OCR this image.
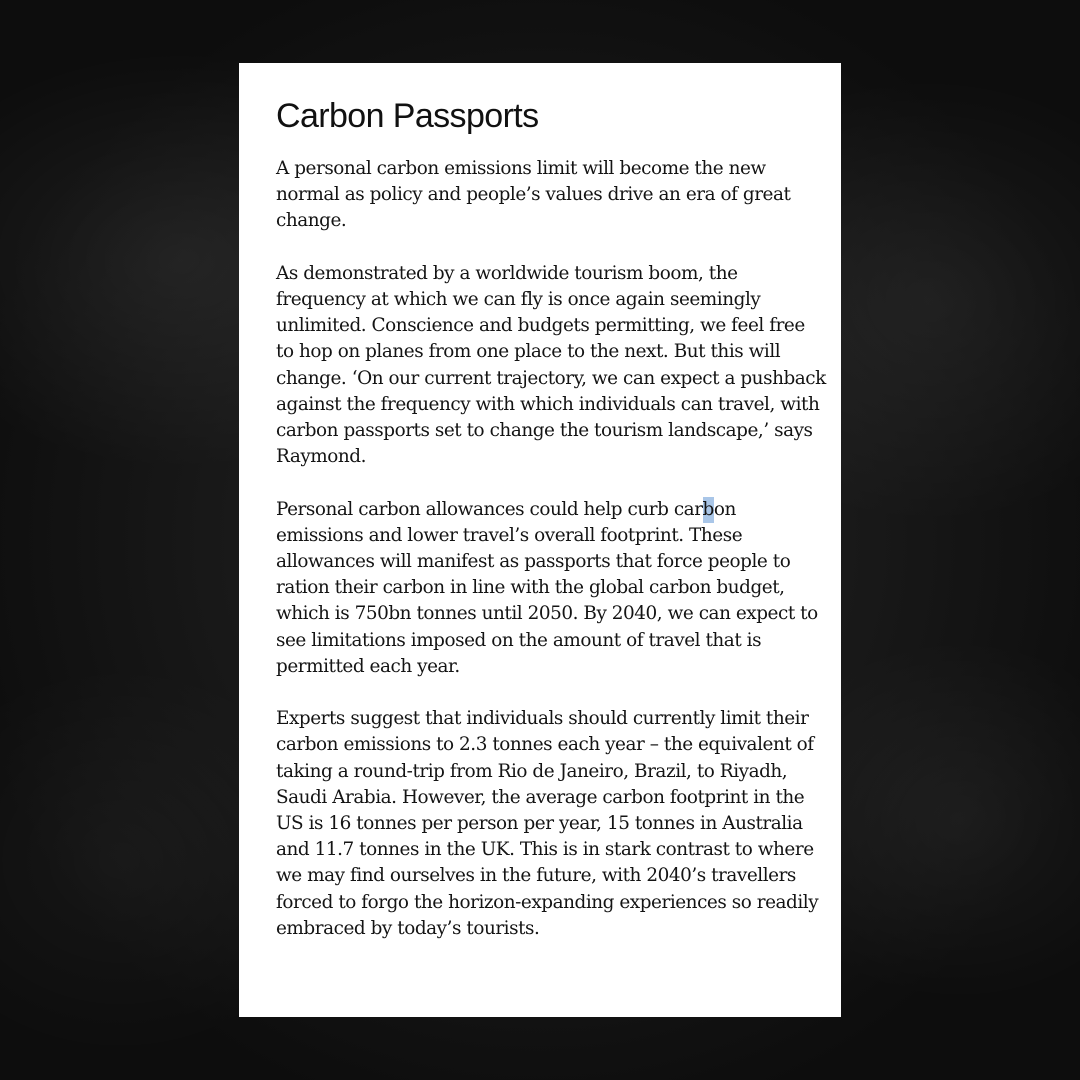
Carbon Passports

A personal carbon emissions limit will become the new normal as policy and people’s values drive an era of great change.

As demonstrated by a worldwide tourism boom, the frequency at which we can fly is once again seemingly unlimited. Conscience and budgets permitting, we feel free to hop on planes from one place to the next. But this will change. ‘On our current trajectory, we can expect a pushback against the frequency with which individuals can travel, with carbon passports set to change the tourism landscape,’ says Raymond.

Personal carbon allowances could help curb carbon emissions and lower travel’s overall footprint. These allowances will manifest as passports that force people to ration their carbon in line with the global carbon budget, which is 750bn tonnes until 2050. By 2040, we can expect to see limitations imposed on the amount of travel that is permitted each year.

Experts suggest that individuals should currently limit their carbon emissions to 2.3 tonnes each year – the equivalent of taking a round-trip from Rio de Janeiro, Brazil, to Riyadh, Saudi Arabia. However, the average carbon footprint in the US is 16 tonnes per person per year, 15 tonnes in Australia and 11.7 tonnes in the UK. This is in stark contrast to where we may find ourselves in the future, with 2040’s travellers forced to forgo the horizon-expanding experiences so readily embraced by today’s tourists.
